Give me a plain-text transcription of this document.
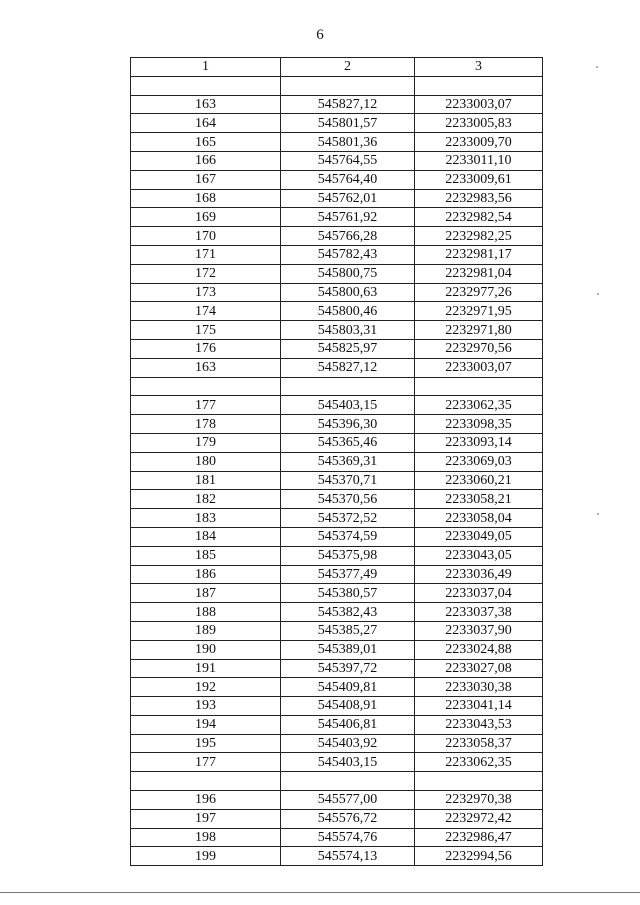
6
1	2	3

163	545827,12	2233003,07
164	545801,57	2233005,83
165	545801,36	2233009,70
166	545764,55	2233011,10
167	545764,40	2233009,61
168	545762,01	2232983,56
169	545761,92	2232982,54
170	545766,28	2232982,25
171	545782,43	2232981,17
172	545800,75	2232981,04
173	545800,63	2232977,26
174	545800,46	2232971,95
175	545803,31	2232971,80
176	545825,97	2232970,56
163	545827,12	2233003,07

177	545403,15	2233062,35
178	545396,30	2233098,35
179	545365,46	2233093,14
180	545369,31	2233069,03
181	545370,71	2233060,21
182	545370,56	2233058,21
183	545372,52	2233058,04
184	545374,59	2233049,05
185	545375,98	2233043,05
186	545377,49	2233036,49
187	545380,57	2233037,04
188	545382,43	2233037,38
189	545385,27	2233037,90
190	545389,01	2233024,88
191	545397,72	2233027,08
192	545409,81	2233030,38
193	545408,91	2233041,14
194	545406,81	2233043,53
195	545403,92	2233058,37
177	545403,15	2233062,35

196	545577,00	2232970,38
197	545576,72	2232972,42
198	545574,76	2232986,47
199	545574,13	2232994,56
